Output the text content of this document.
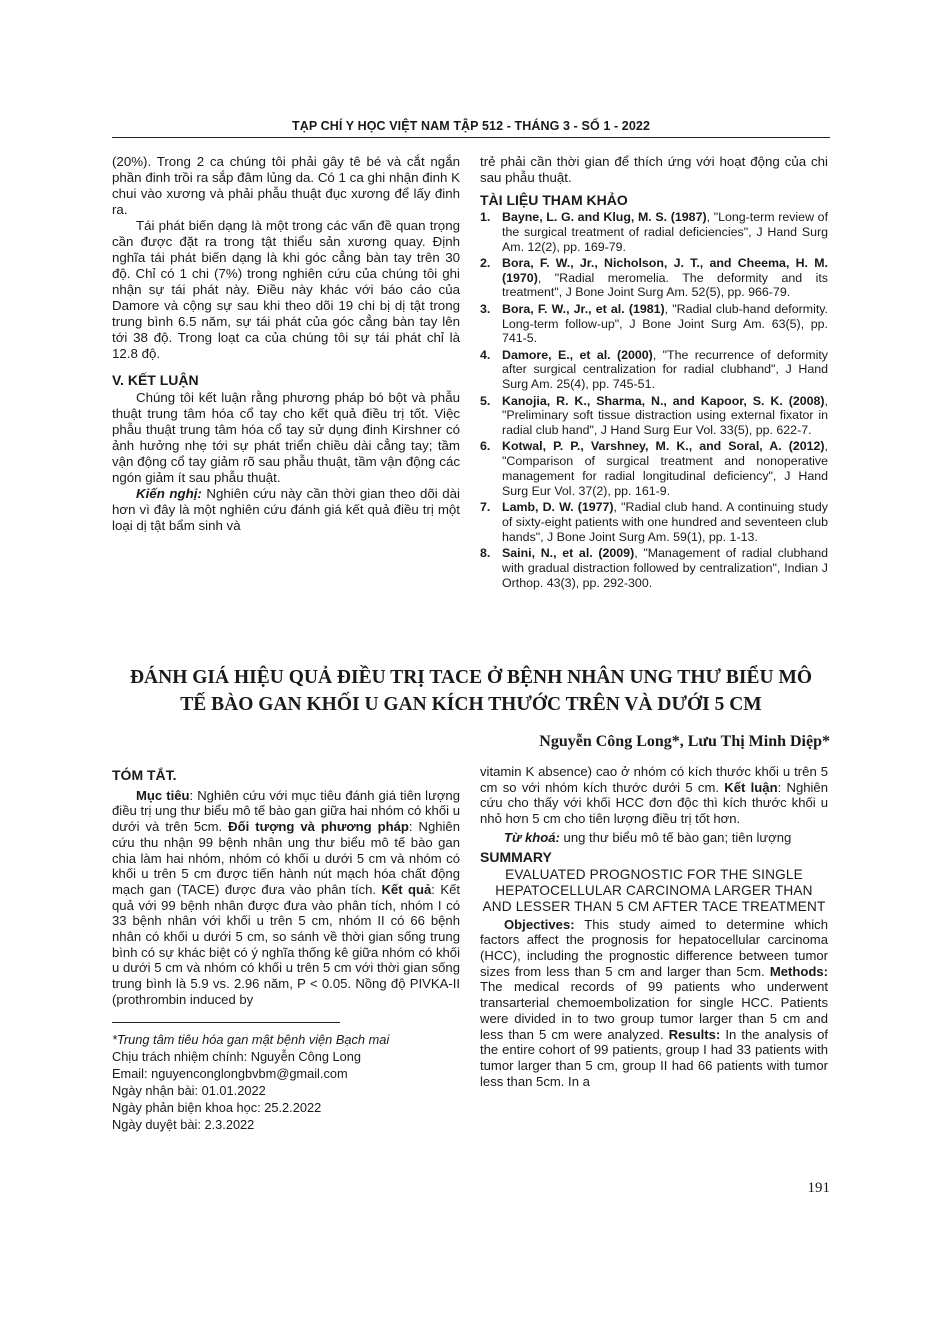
TẠP CHÍ Y HỌC VIỆT NAM TẬP 512 - THÁNG 3 - SỐ 1 - 2022

(20%). Trong 2 ca chúng tôi phải gây tê bé và cắt ngắn phần đinh trồi ra sắp đâm lủng da. Có 1 ca ghi nhận đinh K chui vào xương và phải phẫu thuật đục xương để lấy đinh ra.

Tái phát biến dạng là một trong các vấn đề quan trọng cần được đặt ra trong tật thiểu sản xương quay. Định nghĩa tái phát biến dạng là khi góc cẳng bàn tay trên 30 độ. Chỉ có 1 chi (7%) trong nghiên cứu của chúng tôi ghi nhận sự tái phát này. Điều này khác với báo cáo của Damore và cộng sự sau khi theo dõi 19 chi bị dị tật trong trung bình 6.5 năm, sự tái phát của góc cẳng bàn tay lên tới 38 độ. Trong loạt ca của chúng tôi sự tái phát chỉ là 12.8 độ.

V. KẾT LUẬN

Chúng tôi kết luận rằng phương pháp bó bột và phẫu thuật trung tâm hóa cổ tay cho kết quả điều trị tốt. Việc phẫu thuật trung tâm hóa cổ tay sử dụng đinh Kirshner có ảnh hưởng nhẹ tới sự phát triển chiều dài cẳng tay; tầm vận động cổ tay giảm rõ sau phẫu thuật, tầm vận động các ngón giảm ít sau phẫu thuật.

Kiến nghị: Nghiên cứu này cần thời gian theo dõi dài hơn vì đây là một nghiên cứu đánh giá kết quả điều trị một loại dị tật bẩm sinh và

trẻ phải cần thời gian để thích ứng với hoạt động của chi sau phẫu thuật.

TÀI LIỆU THAM KHẢO

1. Bayne, L. G. and Klug, M. S. (1987), "Long-term review of the surgical treatment of radial deficiencies", J Hand Surg Am. 12(2), pp. 169-79.
2. Bora, F. W., Jr., Nicholson, J. T., and Cheema, H. M. (1970), "Radial meromelia. The deformity and its treatment", J Bone Joint Surg Am. 52(5), pp. 966-79.
3. Bora, F. W., Jr., et al. (1981), "Radial club-hand deformity. Long-term follow-up", J Bone Joint Surg Am. 63(5), pp. 741-5.
4. Damore, E., et al. (2000), "The recurrence of deformity after surgical centralization for radial clubhand", J Hand Surg Am. 25(4), pp. 745-51.
5. Kanojia, R. K., Sharma, N., and Kapoor, S. K. (2008), "Preliminary soft tissue distraction using external fixator in radial club hand", J Hand Surg Eur Vol. 33(5), pp. 622-7.
6. Kotwal, P. P., Varshney, M. K., and Soral, A. (2012), "Comparison of surgical treatment and nonoperative management for radial longitudinal deficiency", J Hand Surg Eur Vol. 37(2), pp. 161-9.
7. Lamb, D. W. (1977), "Radial club hand. A continuing study of sixty-eight patients with one hundred and seventeen club hands", J Bone Joint Surg Am. 59(1), pp. 1-13.
8. Saini, N., et al. (2009), "Management of radial clubhand with gradual distraction followed by centralization", Indian J Orthop. 43(3), pp. 292-300.
ĐÁNH GIÁ HIỆU QUẢ ĐIỀU TRỊ TACE Ở BỆNH NHÂN UNG THƯ BIỂU MÔ
TẾ BÀO GAN KHỐI U GAN KÍCH THƯỚC TRÊN VÀ DƯỚI 5 CM
Nguyễn Công Long*, Lưu Thị Minh Diệp*

TÓM TẮT.

Mục tiêu: Nghiên cứu với mục tiêu đánh giá tiên lượng điều trị ung thư biểu mô tế bào gan giữa hai nhóm có khối u dưới và trên 5cm. Đối tượng và phương pháp: Nghiên cứu thu nhận 99 bệnh nhân ung thư biểu mô tế bào gan chia làm hai nhóm, nhóm có khối u dưới 5 cm và nhóm có khối u trên 5 cm được tiến hành nút mạch hóa chất động mạch gan (TACE) được đưa vào phân tích. Kết quả: Kết quả với 99 bệnh nhân được đưa vào phân tích, nhóm I có 33 bệnh nhân với khối u trên 5 cm, nhóm II có 66 bệnh nhân có khối u dưới 5 cm, so sánh về thời gian sống trung bình có sự khác biệt có ý nghĩa thống kê giữa nhóm có khối u dưới 5 cm và nhóm có khối u trên 5 cm với thời gian sống trung bình là 5.9 vs. 2.96 năm, P < 0.05. Nồng độ PIVKA-II (prothrombin induced by

*Trung tâm tiêu hóa gan mật bệnh viện Bạch mai

Chịu trách nhiệm chính: Nguyễn Công Long

Email: nguyenconglongbvbm@gmail.com

Ngày nhận bài: 01.01.2022

Ngày phản biện khoa học: 25.2.2022

Ngày duyệt bài: 2.3.2022

vitamin K absence) cao ở nhóm có kích thước khối u trên 5 cm so với nhóm kích thước dưới 5 cm. Kết luận: Nghiên cứu cho thấy với khối HCC đơn độc thì kích thước khối u nhỏ hơn 5 cm cho tiên lượng điều trị tốt hơn.

Từ khoá: ung thư biểu mô tế bào gan; tiên lượng

SUMMARY

EVALUATED PROGNOSTIC FOR THE SINGLE HEPATOCELLULAR CARCINOMA LARGER THAN AND LESSER THAN 5 CM AFTER TACE TREATMENT

Objectives: This study aimed to determine which factors affect the prognosis for hepatocellular carcinoma (HCC), including the prognostic difference between tumor sizes from less than 5 cm and larger than 5cm. Methods: The medical records of 99 patients who underwent transarterial chemoembolization for single HCC. Patients were divided in to two group tumor larger than 5 cm and less than 5 cm were analyzed. Results: In the analysis of the entire cohort of 99 patients, group I had 33 patients with tumor larger than 5 cm, group II had 66 patients with tumor less than 5cm. In a

191
